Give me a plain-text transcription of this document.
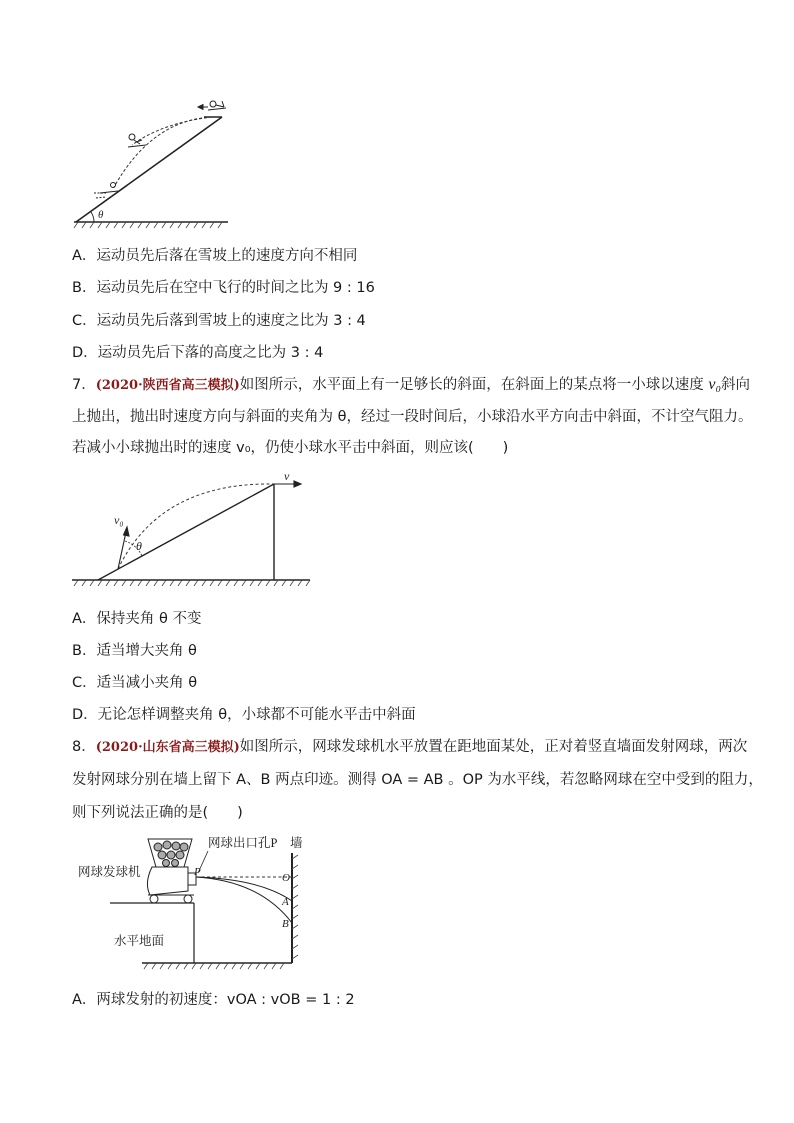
θ
A．运动员先后落在雪坡上的速度方向不相同
B．运动员先后在空中飞行的时间之比为 9 : 16
C．运动员先后落到雪坡上的速度之比为 3 : 4
D．运动员先后下落的高度之比为 3 : 4
7．(2020·陕西省高三模拟)如图所示，水平面上有一足够长的斜面，在斜面上的某点将一小球以速度 v₀斜向
上抛出，抛出时速度方向与斜面的夹角为 θ，经过一段时间后，小球沿水平方向击中斜面，不计空气阻力。
若减小小球抛出时的速度 v₀，仍使小球水平击中斜面，则应该(　　)
v₀
θ
v
A．保持夹角 θ 不变
B．适当增大夹角 θ
C．适当减小夹角 θ
D．无论怎样调整夹角 θ，小球都不可能水平击中斜面
8．(2020·山东省高三模拟)如图所示，网球发球机水平放置在距地面某处，正对着竖直墙面发射网球，两次
发射网球分别在墙上留下 A、B 两点印迹。测得 OA = AB 。OP 为水平线，若忽略网球在空中受到的阻力，
则下列说法正确的是(　　)
网球出口孔P 墙
网球发球机
水平地面
P	O
A
B
A．两球发射的初速度：vOA : vOB = 1 : 2
